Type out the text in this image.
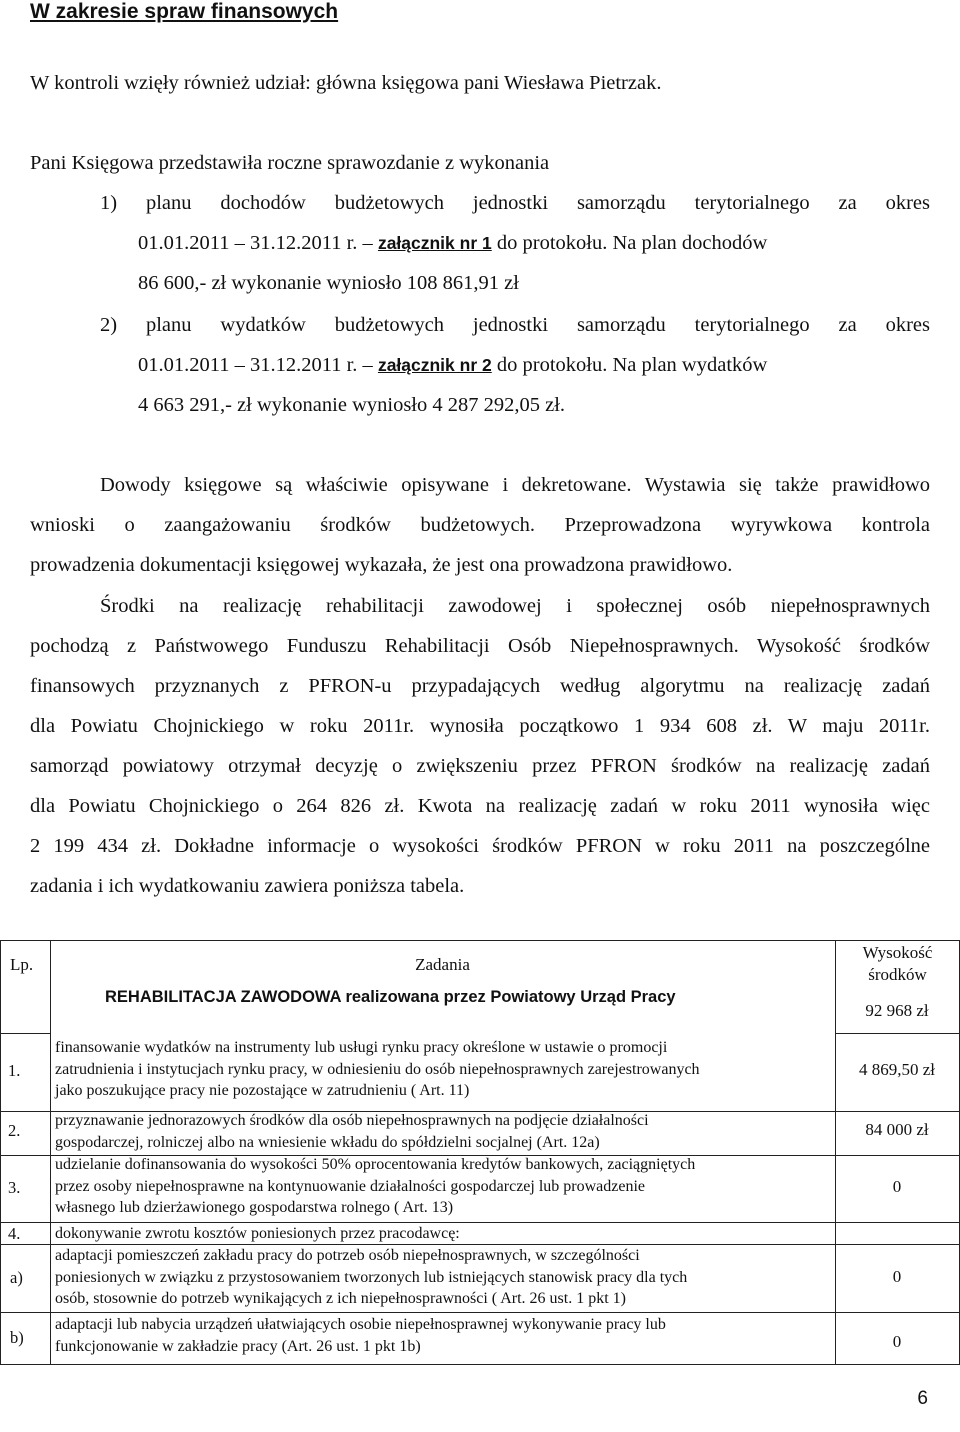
W zakresie spraw finansowych
W kontroli wzięły również udział: główna księgowa pani Wiesława Pietrzak.
Pani Księgowa przedstawiła roczne sprawozdanie z wykonania
1) planu dochodów budżetowych jednostki samorządu terytorialnego za okres
01.01.2011 – 31.12.2011 r. – załącznik nr 1 do protokołu. Na plan dochodów
86 600,- zł wykonanie wyniosło 108 861,91 zł
2) planu wydatków budżetowych jednostki samorządu terytorialnego za okres
01.01.2011 – 31.12.2011 r. – załącznik nr 2 do protokołu. Na plan wydatków
4 663 291,- zł wykonanie wyniosło 4 287 292,05 zł.
Dowody księgowe są właściwie opisywane i dekretowane. Wystawia się także prawidłowo
wnioski o zaangażowaniu środków budżetowych. Przeprowadzona wyrywkowa kontrola
prowadzenia dokumentacji księgowej wykazała, że jest ona prowadzona prawidłowo.
Środki na realizację rehabilitacji zawodowej i społecznej osób niepełnosprawnych
pochodzą z Państwowego Funduszu Rehabilitacji Osób Niepełnosprawnych. Wysokość środków
finansowych przyznanych z PFRON-u przypadających według algorytmu na realizację zadań
dla Powiatu Chojnickiego w roku 2011r. wynosiła początkowo 1 934 608 zł. W maju 2011r.
samorząd powiatowy otrzymał decyzję o zwiększeniu przez PFRON środków na realizację zadań
dla Powiatu Chojnickiego o 264 826 zł. Kwota na realizację zadań w roku 2011 wynosiła więc
2 199 434 zł. Dokładne informacje o wysokości środków PFRON w roku 2011 na poszczególne
zadania i ich wydatkowaniu zawiera poniższa tabela.
Lp.	Zadania
Wysokość środków
REHABILITACJA ZAWODOWA realizowana przez Powiatowy Urząd Pracy
92 968 zł
1.
finansowanie wydatków na instrumenty lub usługi rynku pracy określone w ustawie o promocji
zatrudnienia i instytucjach rynku pracy, w odniesieniu do osób niepełnosprawnych zarejestrowanych
jako poszukujące pracy nie pozostające w zatrudnieniu ( Art. 11)
4 869,50 zł
2.
przyznawanie jednorazowych środków dla osób niepełnosprawnych na podjęcie działalności
gospodarczej, rolniczej albo na wniesienie wkładu do spółdzielni socjalnej (Art. 12a)
84 000 zł
3.
udzielanie dofinansowania do wysokości 50% oprocentowania kredytów bankowych, zaciągniętych
przez osoby niepełnosprawne na kontynuowanie działalności gospodarczej lub prowadzenie
własnego lub dzierżawionego gospodarstwa rolnego ( Art. 13)
0
4. dokonywanie zwrotu kosztów poniesionych przez pracodawcę:
a)
adaptacji pomieszczeń zakładu pracy do potrzeb osób niepełnosprawnych, w szczególności
poniesionych w związku z przystosowaniem tworzonych lub istniejących stanowisk pracy dla tych
osób, stosownie do potrzeb wynikających z ich niepełnosprawności ( Art. 26 ust. 1 pkt 1)
0
b)
adaptacji lub nabycia urządzeń ułatwiających osobie niepełnosprawnej wykonywanie pracy lub
funkcjonowanie w zakładzie pracy (Art. 26 ust. 1 pkt 1b)	0
6
